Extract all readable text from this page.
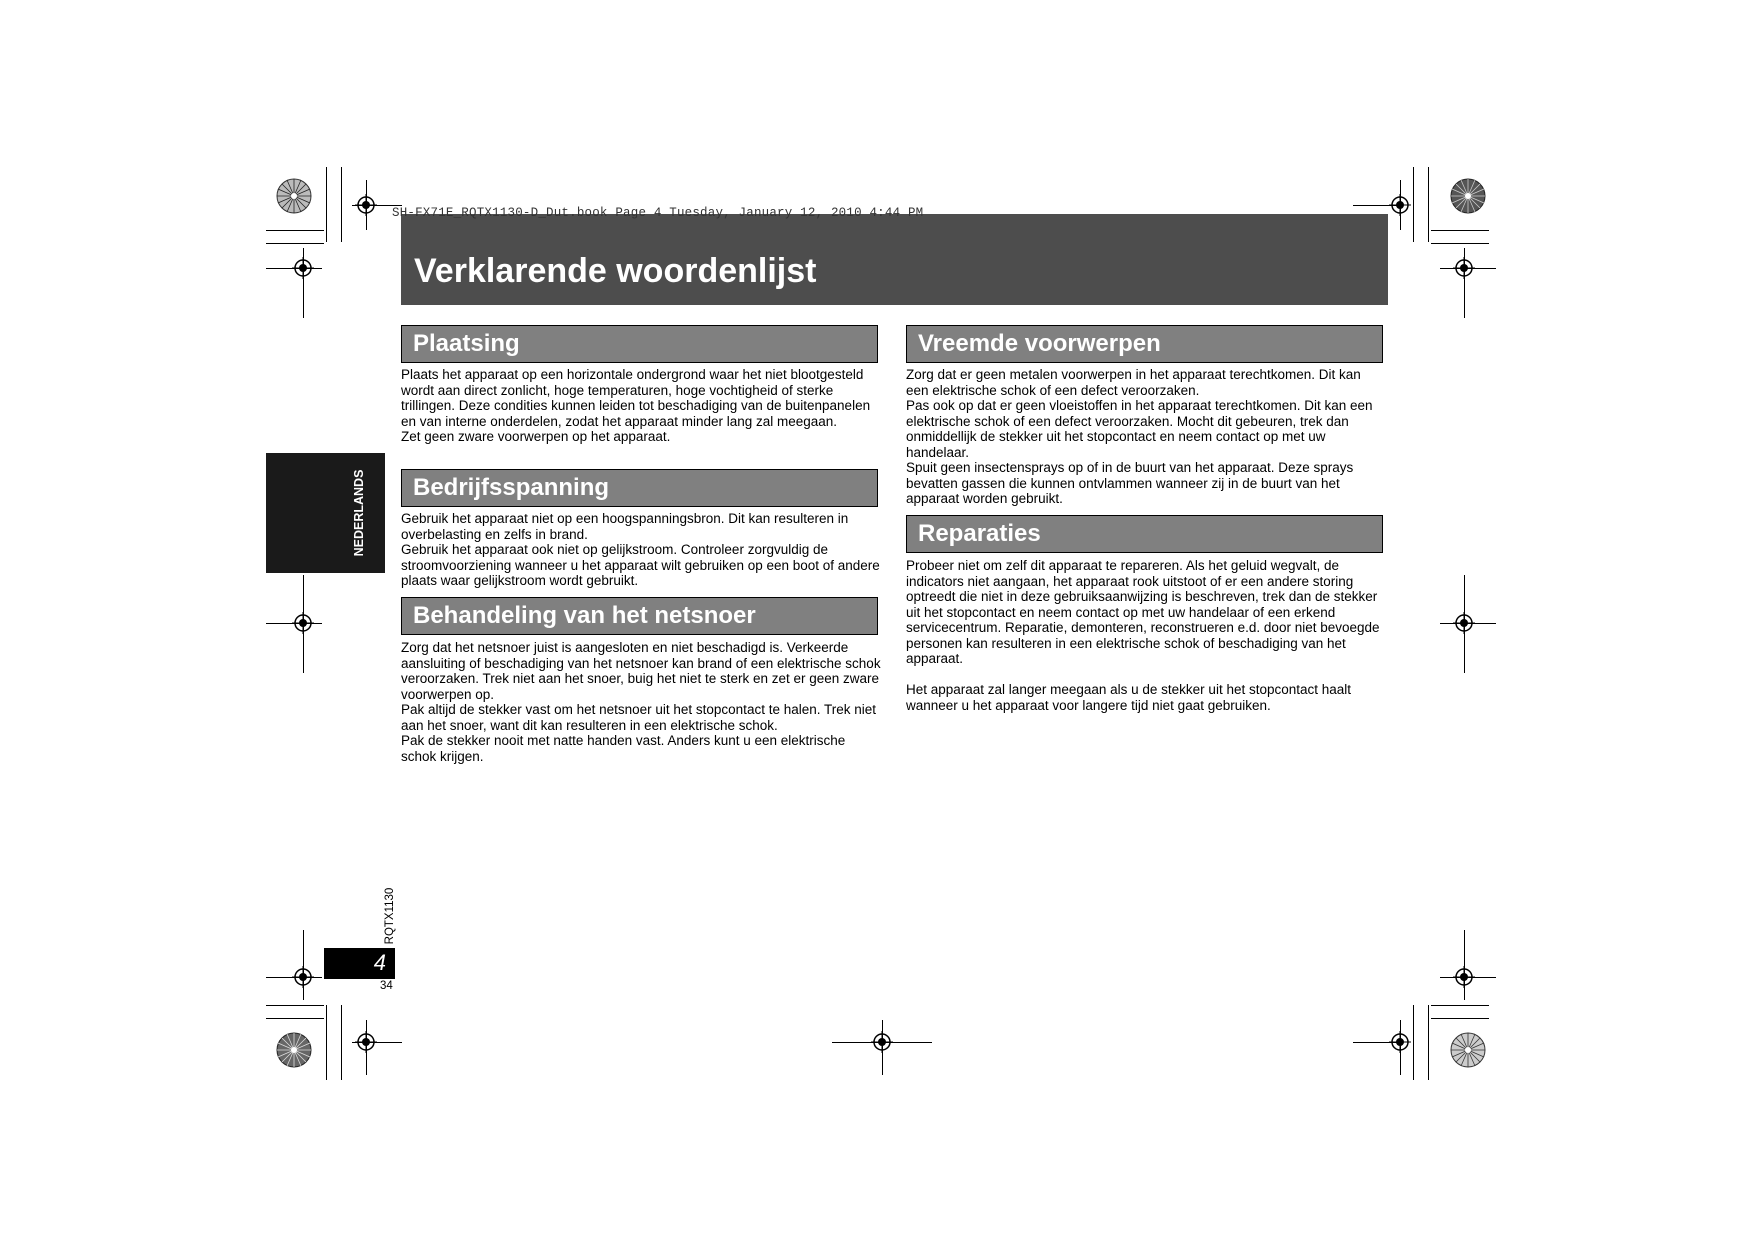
SH-FX71E_RQTX1130-D_Dut.book Page 4 Tuesday, January 12, 2010 4:44 PM
Verklarende woordenlijst
NEDERLANDS
Plaatsing

Plaats het apparaat op een horizontale ondergrond waar het niet blootgesteld wordt aan direct zonlicht, hoge temperaturen, hoge vochtigheid of sterke trillingen. Deze condities kunnen leiden tot beschadiging van de buitenpanelen en van interne onderdelen, zodat het apparaat minder lang zal meegaan.

Zet geen zware voorwerpen op het apparaat.

Bedrijfsspanning

Gebruik het apparaat niet op een hoogspanningsbron. Dit kan resulteren in overbelasting en zelfs in brand.

Gebruik het apparaat ook niet op gelijkstroom. Controleer zorgvuldig de stroomvoorziening wanneer u het apparaat wilt gebruiken op een boot of andere plaats waar gelijkstroom wordt gebruikt.

Behandeling van het netsnoer

Zorg dat het netsnoer juist is aangesloten en niet beschadigd is. Verkeerde aansluiting of beschadiging van het netsnoer kan brand of een elektrische schok veroorzaken. Trek niet aan het snoer, buig het niet te sterk en zet er geen zware voorwerpen op.

Pak altijd de stekker vast om het netsnoer uit het stopcontact te halen. Trek niet aan het snoer, want dit kan resulteren in een elektrische schok.

Pak de stekker nooit met natte handen vast. Anders kunt u een elektrische schok krijgen.

Vreemde voorwerpen

Zorg dat er geen metalen voorwerpen in het apparaat terechtkomen. Dit kan een elektrische schok of een defect veroorzaken.

Pas ook op dat er geen vloeistoffen in het apparaat terechtkomen. Dit kan een elektrische schok of een defect veroorzaken. Mocht dit gebeuren, trek dan onmiddellijk de stekker uit het stopcontact en neem contact op met uw handelaar.

Spuit geen insectensprays op of in de buurt van het apparaat. Deze sprays bevatten gassen die kunnen ontvlammen wanneer zij in de buurt van het apparaat worden gebruikt.

Reparaties

Probeer niet om zelf dit apparaat te repareren. Als het geluid wegvalt, de indicators niet aangaan, het apparaat rook uitstoot of er een andere storing optreedt die niet in deze gebruiksaanwijzing is beschreven, trek dan de stekker uit het stopcontact en neem contact op met uw handelaar of een erkend servicecentrum. Reparatie, demonteren, reconstrueren e.d. door niet bevoegde personen kan resulteren in een elektrische schok of beschadiging van het apparaat.

Het apparaat zal langer meegaan als u de stekker uit het stopcontact haalt wanneer u het apparaat voor langere tijd niet gaat gebruiken.

RQTX1130
4
34
